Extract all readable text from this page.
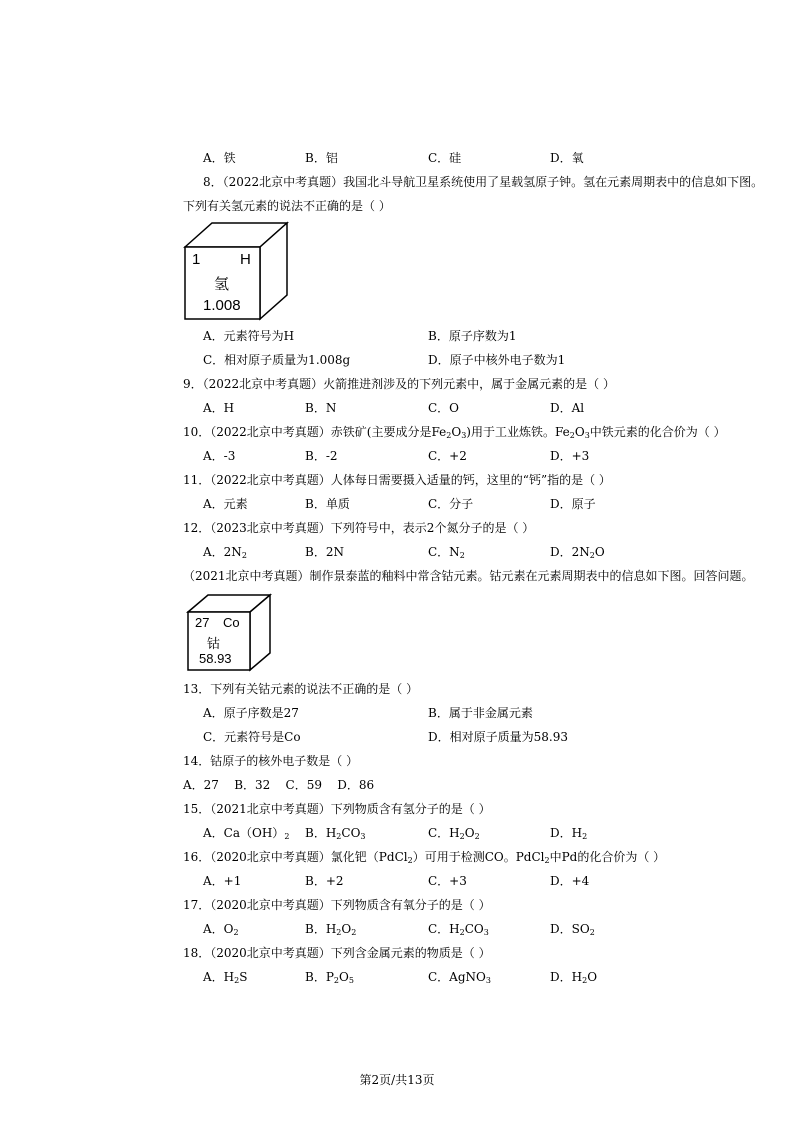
A．铁	B．铝	C．硅	D．氧
8．（2022北京中考真题）我国北斗导航卫星系统使用了星载氢原子钟。氢在元素周期表中的信息如下图。
下列有关氢元素的说法不正确的是（ ）
1	H
氢
1.008
A．元素符号为H	B．原子序数为1
C．相对原子质量为1.008g	D．原子中核外电子数为1
9．（2022北京中考真题）火箭推进剂涉及的下列元素中，属于金属元素的是（ ）
A．H	B．N	C．O	D．Al
10．（2022北京中考真题）赤铁矿(主要成分是$Fe_2O_3$)用于工业炼铁。$Fe_2O_3$中铁元素的化合价为（ ）
A．-3	B．-2	C．+2	D．+3
11．（2022北京中考真题）人体每日需要摄入适量的钙，这里的“钙”指的是（ ）
A．元素	B．单质	C．分子	D．原子
12．（2023北京中考真题）下列符号中，表示2个氮分子的是（ ）
A．$2N_2$	B．2N	C．$N_2$	D．$2N_2O$
（2021北京中考真题）制作景泰蓝的釉料中常含钴元素。钴元素在元素周期表中的信息如下图。回答问题。
27 Co
钴
58.93
13．下列有关钴元素的说法不正确的是（ ）
A．原子序数是27	B．属于非金属元素
C．元素符号是Co	D．相对原子质量为58.93
14．钴原子的核外电子数是（ ）
A．27    B．32    C．59    D．86
15．（2021北京中考真题）下列物质含有氢分子的是（ ）
A．$Ca(OH)_2$ B．$H_2CO_3$	C．$H_2O_2$	D．$H_2$
16．（2020北京中考真题）氯化钯（PdCl$_2$）可用于检测CO。PdCl$_2$中Pd的化合价为（ ）
A．+1	B．+2	C．+3	D．+4
17．（2020北京中考真题）下列物质含有氧分子的是（ ）
A．$O_2$	B．$H_2O_2$	C．$H_2CO_3$	D．$SO_2$
18．（2020北京中考真题）下列含金属元素的物质是（ ）
A．$H_2S$	B．$P_2O_5$	C．AgNO$_3$	D．$H_2O$
第2页/共13页
